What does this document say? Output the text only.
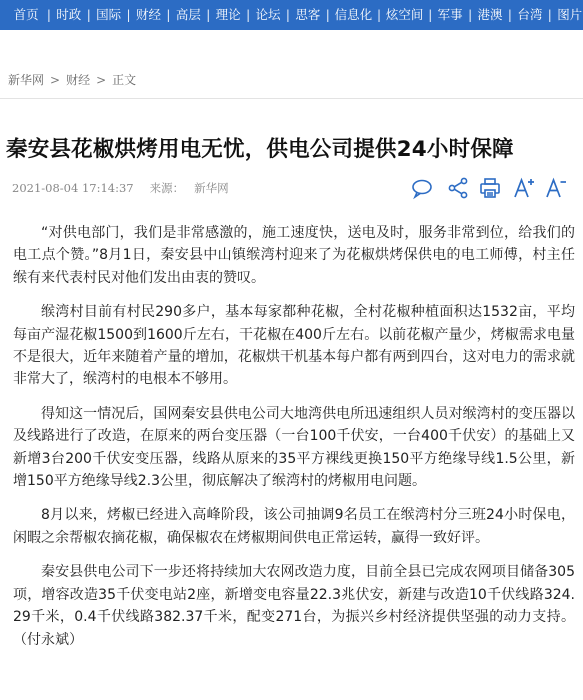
首页 | 时政 | 国际 | 财经 | 高层 | 理论 | 论坛 | 思客 | 信息化 | 炫空间 | 军事 | 港澳 | 台湾 | 图片
新华网 > 财经 > 正文
秦安县花椒烘烤用电无忧，供电公司提供24小时保障
2021-08-04 17:14:37 来源： 新华网

“对供电部门，我们是非常感激的，施工速度快，送电及时，服务非常到位，给我们的电工点个赞。”8月1日，秦安县中山镇缑湾村迎来了为花椒烘烤保供电的电工师傅，村主任缑有来代表村民对他们发出由衷的赞叹。

缑湾村目前有村民290多户，基本每家都种花椒，全村花椒种植面积达1532亩，平均每亩产湿花椒1500到1600斤左右，干花椒在400斤左右。以前花椒产量少，烤椒需求电量不是很大，近年来随着产量的增加，花椒烘干机基本每户都有两到四台，这对电力的需求就非常大了，缑湾村的电根本不够用。

得知这一情况后，国网秦安县供电公司大地湾供电所迅速组织人员对缑湾村的变压器以及线路进行了改造，在原来的两台变压器（一台100千伏安，一台400千伏安）的基础上又新增3台200千伏安变压器，线路从原来的35平方裸线更换150平方绝缘导线1.5公里，新增150平方绝缘导线2.3公里，彻底解决了缑湾村的烤椒用电问题。

8月以来，烤椒已经进入高峰阶段，该公司抽调9名员工在缑湾村分三班24小时保电，闲暇之余帮椒农摘花椒，确保椒农在烤椒期间供电正常运转，赢得一致好评。

秦安县供电公司下一步还将持续加大农网改造力度，目前全县已完成农网项目储备305项，增容改造35千伏变电站2座，新增变电容量22.3兆伏安，新建与改造10千伏线路324.29千米，0.4千伏线路382.37千米，配变271台，为振兴乡村经济提供坚强的动力支持。（付永斌）
